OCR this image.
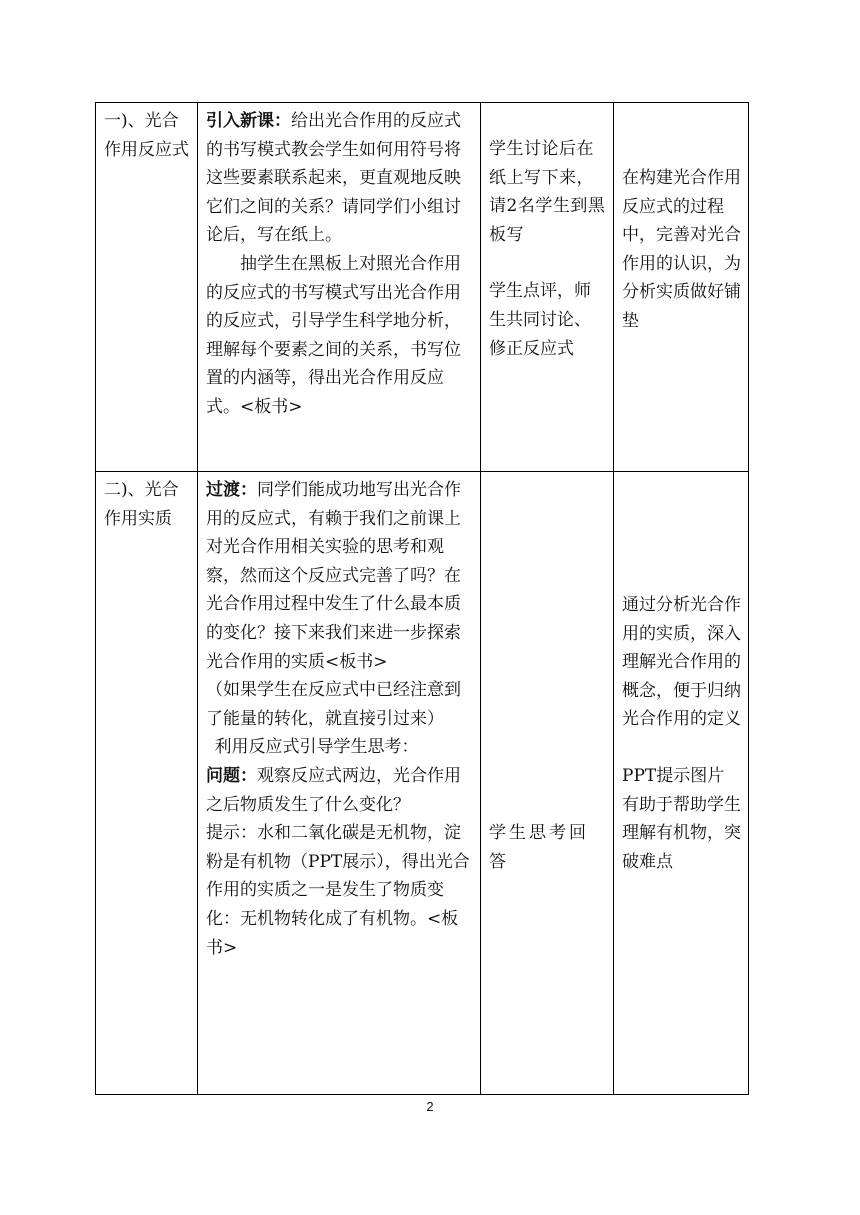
一)、光合作用反应式	引入新课：给出光合作用的反应式的书写模式教会学生如何用符号将这些要素联系起来，更直观地反映它们之间的关系？请同学们小组讨论后，写在纸上。
抽学生在黑板上对照光合作用的反应式的书写模式写出光合作用的反应式，引导学生科学地分析，理解每个要素之间的关系，书写位置的内涵等，得出光合作用反应式。<板书>	学生讨论后在纸上写下来，请2名学生到黑板写
学生点评，师生共同讨论、修正反应式	在构建光合作用反应式的过程中，完善对光合作用的认识，为分析实质做好铺垫

二)、光合作用实质	过渡：同学们能成功地写出光合作用的反应式，有赖于我们之前课上对光合作用相关实验的思考和观察，然而这个反应式完善了吗？在光合作用过程中发生了什么最本质的变化？接下来我们来进一步探索光合作用的实质<板书>
（如果学生在反应式中已经注意到了能量的转化，就直接引过来）
利用反应式引导学生思考：
问题：观察反应式两边，光合作用之后物质发生了什么变化？
提示：水和二氧化碳是无机物，淀粉是有机物（PPT展示），得出光合作用的实质之一是发生了物质变化：无机物转化成了有机物。<板书>	学生思考回答	通过分析光合作用的实质，深入理解光合作用的概念，便于归纳光合作用的定义
PPT提示图片有助于帮助学生理解有机物，突破难点
2
